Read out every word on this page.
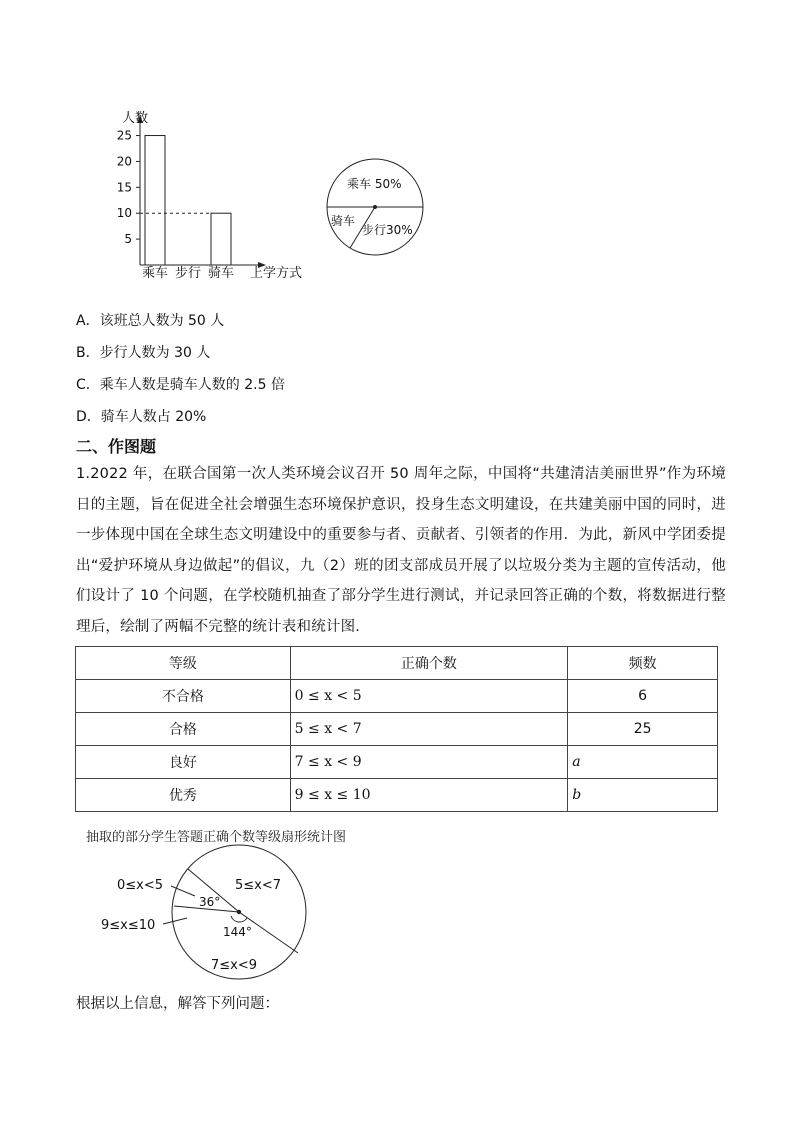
5
10
15
20
25
乘车 步行 骑车 上学方式
人数
乘车 50%
骑车
步行30%
A．该班总人数为 50 人
B．步行人数为 30 人
C．乘车人数是骑车人数的 2.5 倍
D．骑车人数占 20%
二、作图题
1.2022 年，在联合国第一次人类环境会议召开 50 周年之际，中国将“共建清洁美丽世界”作为环境日的主题，旨在促进全社会增强生态环境保护意识，投身生态文明建设，在共建美丽中国的同时，进一步体现中国在全球生态文明建设中的重要参与者、贡献者、引领者的作用．为此，新风中学团委提出“爱护环境从身边做起”的倡议，九（2）班的团支部成员开展了以垃圾分类为主题的宣传活动，他们设计了 10 个问题，在学校随机抽查了部分学生进行测试，并记录回答正确的个数，将数据进行整理后，绘制了两幅不完整的统计表和统计图．
等级	正确个数	频数
不合格	0 ≤ x < 5	6
合格	5 ≤ x < 7	25
良好	7 ≤ x < 9	a
优秀	9 ≤ x ≤ 10	b
抽取的部分学生答题正确个数等级扇形统计图
0≤x<5	5≤x<7
9≤x≤10
7≤x<9
36°
144°
根据以上信息，解答下列问题：
